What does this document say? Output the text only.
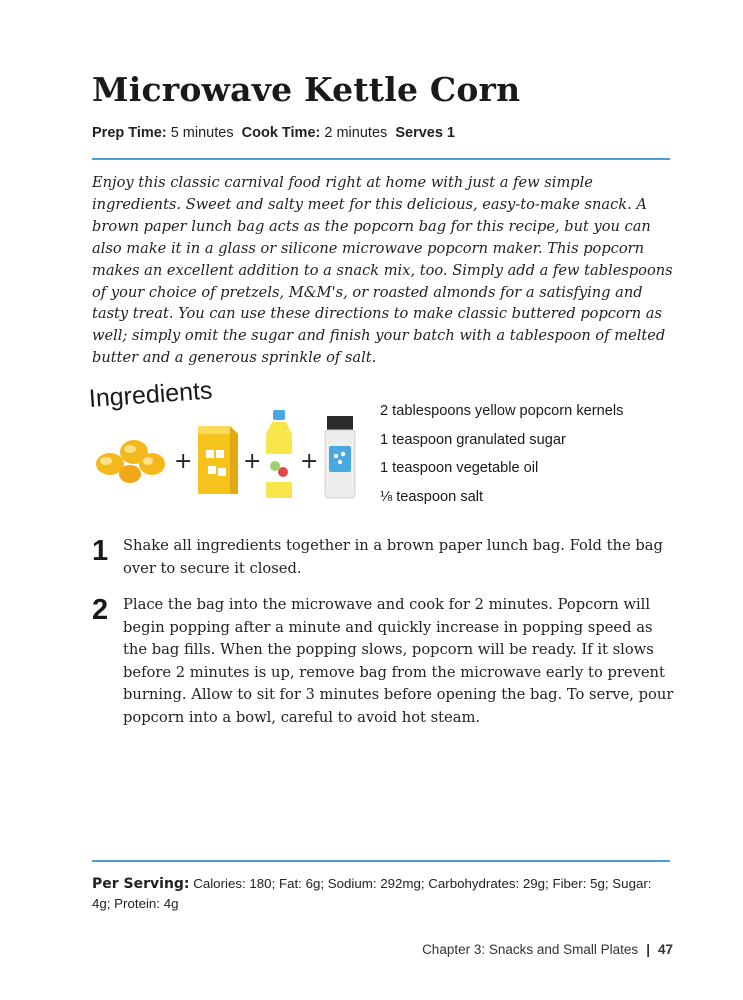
Microwave Kettle Corn
Prep Time: 5 minutes Cook Time: 2 minutes Serves 1

Enjoy this classic carnival food right at home with just a few simple ingredients. Sweet and salty meet for this delicious, easy-to-make snack. A brown paper lunch bag acts as the popcorn bag for this recipe, but you can also make it in a glass or silicone microwave popcorn maker. This popcorn makes an excellent addition to a snack mix, too. Simply add a few tablespoons of your choice of pretzels, M&M's, or roasted almonds for a satisfying and tasty treat. You can use these directions to make classic buttered popcorn as well; simply omit the sugar and finish your batch with a tablespoon of melted butter and a generous sprinkle of salt.

Ingredients
+ + +
2 tablespoons yellow popcorn kernels
1 teaspoon granulated sugar
1 teaspoon vegetable oil
⅛ teaspoon salt
1 Shake all ingredients together in a brown paper lunch bag. Fold the bag over to secure it closed.

2 Place the bag into the microwave and cook for 2 minutes. Popcorn will begin popping after a minute and quickly increase in popping speed as the bag fills. When the popping slows, popcorn will be ready. If it slows before 2 minutes is up, remove bag from the microwave early to prevent burning. Allow to sit for 3 minutes before opening the bag. To serve, pour popcorn into a bowl, careful to avoid hot steam.

Per Serving: Calories: 180; Fat: 6g; Sodium: 292mg; Carbohydrates: 29g; Fiber: 5g; Sugar: 4g; Protein: 4g

Chapter 3: Snacks and Small Plates | 47
